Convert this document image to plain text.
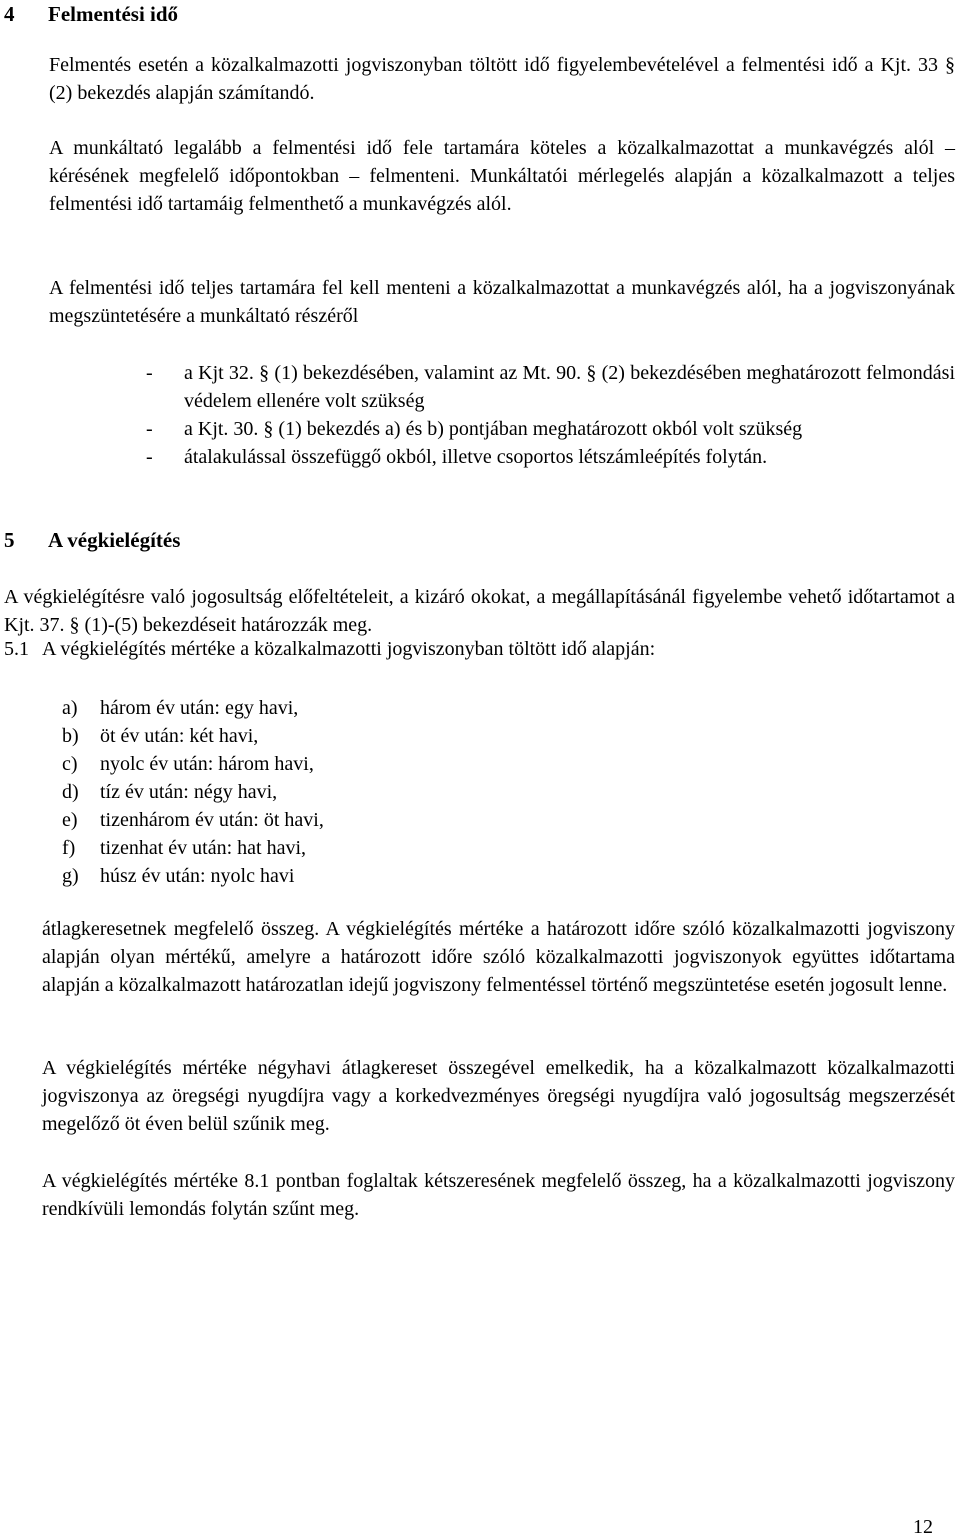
4 Felmentési idő

Felmentés esetén a közalkalmazotti jogviszonyban töltött idő figyelembevételével a felmentési idő a Kjt. 33 § (2) bekezdés alapján számítandó.

A munkáltató legalább a felmentési idő fele tartamára köteles a közalkalmazottat a munkavégzés alól – kérésének megfelelő időpontokban – felmenteni. Munkáltatói mérlegelés alapján a közalkalmazott a teljes felmentési idő tartamáig felmenthető a munkavégzés alól.

A felmentési idő teljes tartamára fel kell menteni a közalkalmazottat a munkavégzés alól, ha a jogviszonyának megszüntetésére a munkáltató részéről

- a Kjt 32. § (1) bekezdésében, valamint az Mt. 90. § (2) bekezdésében meghatározott felmondási védelem ellenére volt szükség
- a Kjt. 30. § (1) bekezdés a) és b) pontjában meghatározott okból volt szükség
- átalakulással összefüggő okból, illetve csoportos létszámleépítés folytán.
5 A végkielégítés

A végkielégítésre való jogosultság előfeltételeit, a kizáró okokat, a megállapításánál figyelembe vehető időtartamot a Kjt. 37. § (1)-(5) bekezdéseit határozzák meg.

5.1 A végkielégítés mértéke a közalkalmazotti jogviszonyban töltött idő alapján:
a) három év után: egy havi,
b) öt év után: két havi,
c) nyolc év után: három havi,
d) tíz év után: négy havi,
e) tizenhárom év után: öt havi,
f) tizenhat év után: hat havi,
g) húsz év után: nyolc havi

átlagkeresetnek megfelelő összeg. A végkielégítés mértéke a határozott időre szóló közalkalmazotti jogviszony alapján olyan mértékű, amelyre a határozott időre szóló közalkalmazotti jogviszonyok együttes időtartama alapján a közalkalmazott határozatlan idejű jogviszony felmentéssel történő megszüntetése esetén jogosult lenne.

A végkielégítés mértéke négyhavi átlagkereset összegével emelkedik, ha a közalkalmazott közalkalmazotti jogviszonya az öregségi nyugdíjra vagy a korkedvezményes öregségi nyugdíjra való jogosultság megszerzését megelőző öt éven belül szűnik meg.

A végkielégítés mértéke 8.1 pontban foglaltak kétszeresének megfelelő összeg, ha a közalkalmazotti jogviszony rendkívüli lemondás folytán szűnt meg.

12
